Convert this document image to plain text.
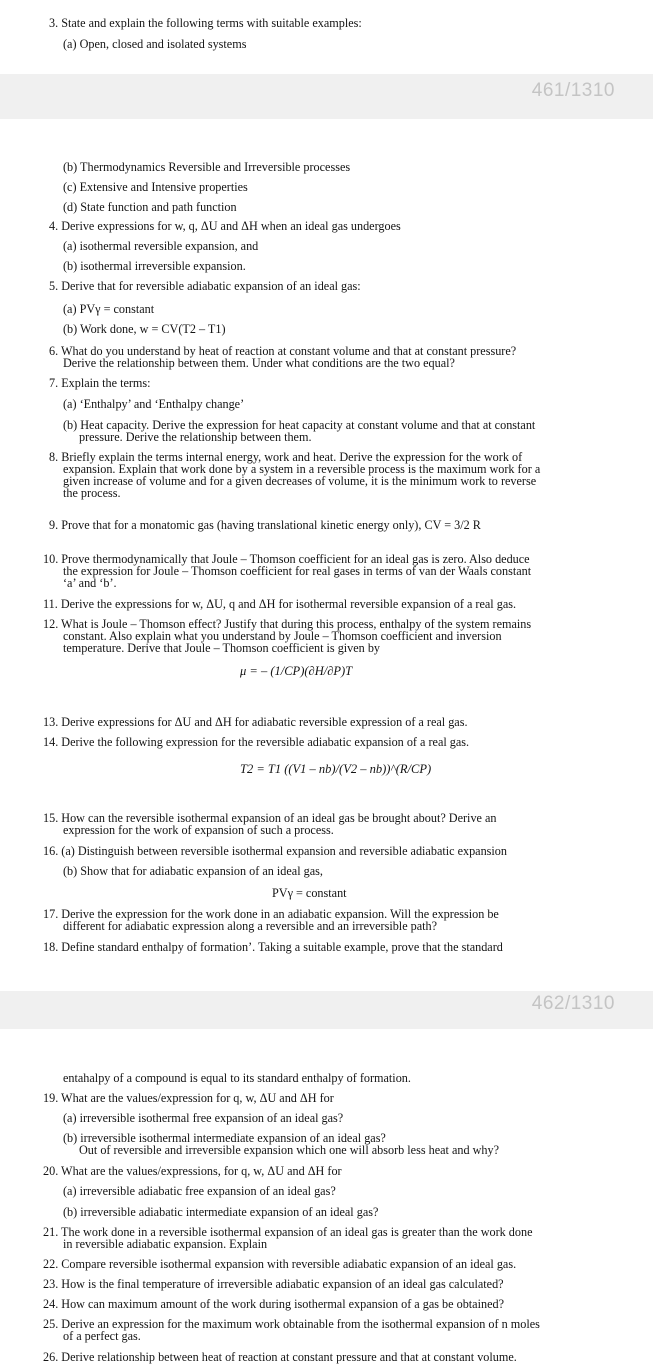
3. State and explain the following terms with suitable examples:
(a) Open, closed and isolated systems
461/1310
(b) Thermodynamics Reversible and Irreversible processes
(c) Extensive and Intensive properties
(d) State function and path function
4. Derive expressions for w, q, ΔU and ΔH when an ideal gas undergoes
(a) isothermal reversible expansion, and
(b) isothermal irreversible expansion.
5. Derive that for reversible adiabatic expansion of an ideal gas:
(a) PVγ = constant
(b) Work done, w = CV(T2 – T1)
6. What do you understand by heat of reaction at constant volume and that at constant pressure?
Derive the relationship between them. Under what conditions are the two equal?
7. Explain the terms:
(a) ‘Enthalpy’ and ‘Enthalpy change’
(b) Heat capacity. Derive the expression for heat capacity at constant volume and that at constant
pressure. Derive the relationship between them.
8. Briefly explain the terms internal energy, work and heat. Derive the expression for the work of
expansion. Explain that work done by a system in a reversible process is the maximum work for a
given increase of volume and for a given decreases of volume, it is the minimum work to reverse
the process.
9. Prove that for a monatomic gas (having translational kinetic energy only), CV = 3/2 R
10. Prove thermodynamically that Joule – Thomson coefficient for an ideal gas is zero. Also deduce
the expression for Joule – Thomson coefficient for real gases in terms of van der Waals constant
‘a’ and ‘b’.
11. Derive the expressions for w, ΔU, q and ΔH for isothermal reversible expansion of a real gas.
12. What is Joule – Thomson effect? Justify that during this process, enthalpy of the system remains
constant. Also explain what you understand by Joule – Thomson coefficient and inversion
temperature. Derive that Joule – Thomson coefficient is given by
μ = – (1/CP)(∂H/∂P)T
13. Derive expressions for ΔU and ΔH for adiabatic reversible expression of a real gas.
14. Derive the following expression for the reversible adiabatic expansion of a real gas.
T2 = T1 ((V1 – nb)/(V2 – nb))^(R/CP)
15. How can the reversible isothermal expansion of an ideal gas be brought about? Derive an
expression for the work of expansion of such a process.
16. (a) Distinguish between reversible isothermal expansion and reversible adiabatic expansion
(b) Show that for adiabatic expansion of an ideal gas,
PVγ = constant
17. Derive the expression for the work done in an adiabatic expansion. Will the expression be
different for adiabatic expression along a reversible and an irreversible path?
18. Define standard enthalpy of formation’. Taking a suitable example, prove that the standard
462/1310
entahalpy of a compound is equal to its standard enthalpy of formation.
19. What are the values/expression for q, w, ΔU and ΔH for
(a) irreversible isothermal free expansion of an ideal gas?
(b) irreversible isothermal intermediate expansion of an ideal gas?
Out of reversible and irreversible expansion which one will absorb less heat and why?
20. What are the values/expressions, for q, w, ΔU and ΔH for
(a) irreversible adiabatic free expansion of an ideal gas?
(b) irreversible adiabatic intermediate expansion of an ideal gas?
21. The work done in a reversible isothermal expansion of an ideal gas is greater than the work done
in reversible adiabatic expansion. Explain
22. Compare reversible isothermal expansion with reversible adiabatic expansion of an ideal gas.
23. How is the final temperature of irreversible adiabatic expansion of an ideal gas calculated?
24. How can maximum amount of the work during isothermal expansion of a gas be obtained?
25. Derive an expression for the maximum work obtainable from the isothermal expansion of n moles
of a perfect gas.
26. Derive relationship between heat of reaction at constant pressure and that at constant volume.
